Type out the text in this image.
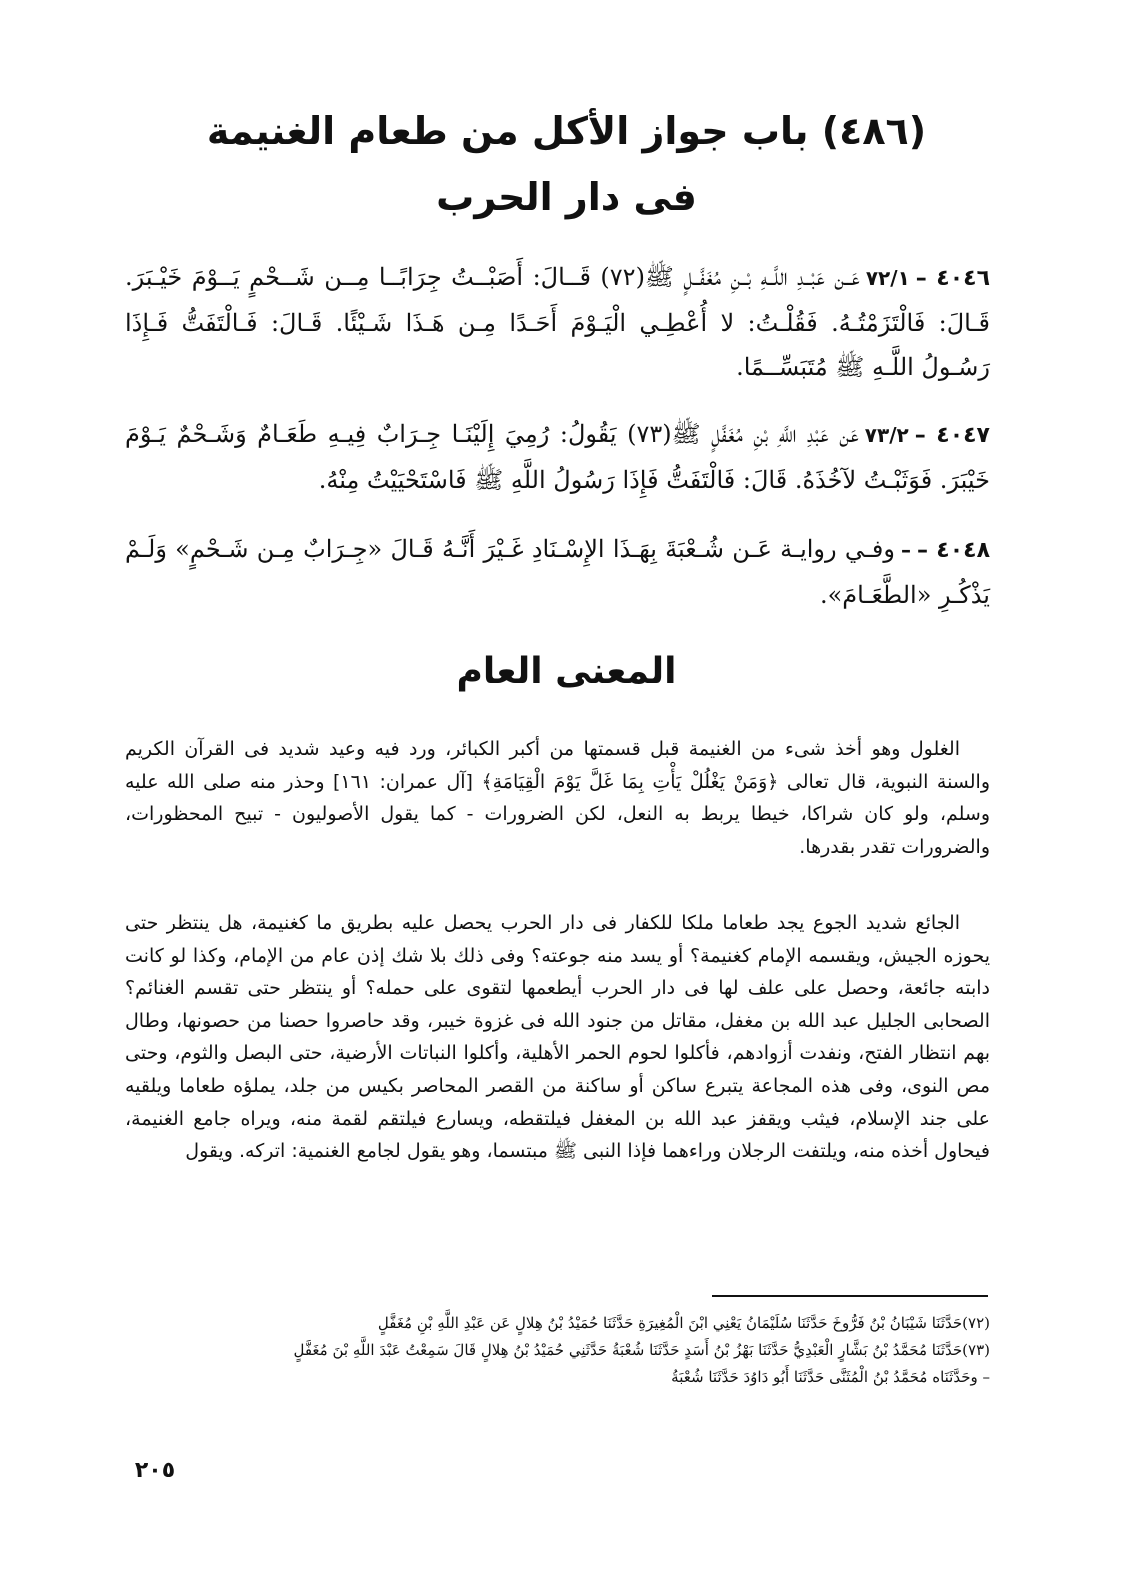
(٤٨٦) باب جواز الأكل من طعام الغنيمة
فى دار الحرب

٤٠٤٦ –٧٢/١عَــن عَبْــدِ اللَّــهِ بْــنِ مُغَفَّــلٍ ﷺ(٧٢) قَــالَ: أَصَبْــتُ جِرَابًــا مِــن شَــحْمٍ يَــوْمَ خَيْـبَرَ. قَـالَ: فَالْتَزَمْتُـهُ. فَقُلْـتُ: لا أُعْطِـي الْيَـوْمَ أَحَـدًا مِـن هَـذَا شَـيْئًا. قَـالَ: فَـالْتَفَتُّ فَـإِذَا رَسُـولُ اللَّـهِ ﷺ مُتَبَسِّــمًا.

٤٠٤٧ –٧٣/٢عَن عَبْدِ اللَّهِ بْنِ مُغَفَّلٍ ﷺ(٧٣) يَقُولُ: رُمِيَ إِلَيْنَـا جِـرَابٌ فِيـهِ طَعَـامٌ وَشَـحْمٌ يَـوْمَ خَيْبَرَ. فَوَثَبْـتُ لآخُذَهُ. قَالَ: فَالْتَفَتُّ فَإِذَا رَسُولُ اللَّهِ ﷺ فَاسْتَحْيَيْتُ مِنْهُ.

٤٠٤٨ ––وفـي روايـة عَـن شُـعْبَةَ بِهَـذَا الإِسْـنَادِ غَـيْرَ أَنَّـهُ قَـالَ «جِـرَابٌ مِـن شَـحْمٍ» وَلَـمْ يَذْكُـرِ «الطَّعَـامَ».

المعنى العام

الغلول وهو أخذ شىء من الغنيمة قبل قسمتها من أكبر الكبائر، ورد فيه وعيد شديد فى القرآن الكريم والسنة النبوية، قال تعالى ﴿وَمَنْ يَغْلُلْ يَأْتِ بِمَا غَلَّ يَوْمَ الْقِيَامَةِ﴾ [آل عمران: ١٦١] وحذر منه صلى الله عليه وسلم، ولو كان شراكا، خيطا يربط به النعل، لكن الضرورات - كما يقول الأصوليون - تبيح المحظورات، والضرورات تقدر بقدرها.

الجائع شديد الجوع يجد طعاما ملكا للكفار فى دار الحرب يحصل عليه بطريق ما كغنيمة، هل ينتظر حتى يحوزه الجيش، ويقسمه الإمام كغنيمة؟ أو يسد منه جوعته؟ وفى ذلك بلا شك إذن عام من الإمام، وكذا لو كانت دابته جائعة، وحصل على علف لها فى دار الحرب أيطعمها لتقوى على حمله؟ أو ينتظر حتى تقسم الغنائم؟ الصحابى الجليل عبد الله بن مغفل، مقاتل من جنود الله فى غزوة خيبر، وقد حاصروا حصنا من حصونها، وطال بهم انتظار الفتح، ونفدت أزوادهم، فأكلوا لحوم الحمر الأهلية، وأكلوا النباتات الأرضية، حتى البصل والثوم، وحتى مص النوى، وفى هذه المجاعة يتبرع ساكن أو ساكنة من القصر المحاصر بكيس من جلد، يملؤه طعاما ويلقيه على جند الإسلام، فيثب ويقفز عبد الله بن المغفل فيلتقطه، ويسارع فيلتقم لقمة منه، ويراه جامع الغنيمة، فيحاول أخذه منه، ويلتفت الرجلان وراءهما فإذا النبى ﷺ مبتسما، وهو يقول لجامع الغنمية: اتركه. ويقول

(٧٢)حَدَّثَنَا شَيْبَانُ بْنُ فَرُّوخَ حَدَّثَنَا سُلَيْمَانُ يَعْنِي ابْنَ الْمُغِيرَةِ حَدَّثَنَا حُمَيْدُ بْنُ هِلالٍ عَن عَبْدِ اللَّهِ بْنِ مُغَفَّلٍ
(٧٣)حَدَّثَنَا مُحَمَّدُ بْنُ بَشَّارٍ الْعَبْدِيُّ حَدَّثَنَا بَهْزُ بْنُ أَسَدٍ حَدَّثَنَا شُعْبَةُ حَدَّثَنِي حُمَيْدُ بْنُ هِلالٍ قَالَ سَمِعْتُ عَبْدَ اللَّهِ بْنَ مُغَفَّلٍ
– وحَدَّثَنَاه مُحَمَّدُ بْنُ الْمُثَنَّى حَدَّثَنَا أَبُو دَاوُدَ حَدَّثَنَا شُعْبَةُ
٢٠٥
